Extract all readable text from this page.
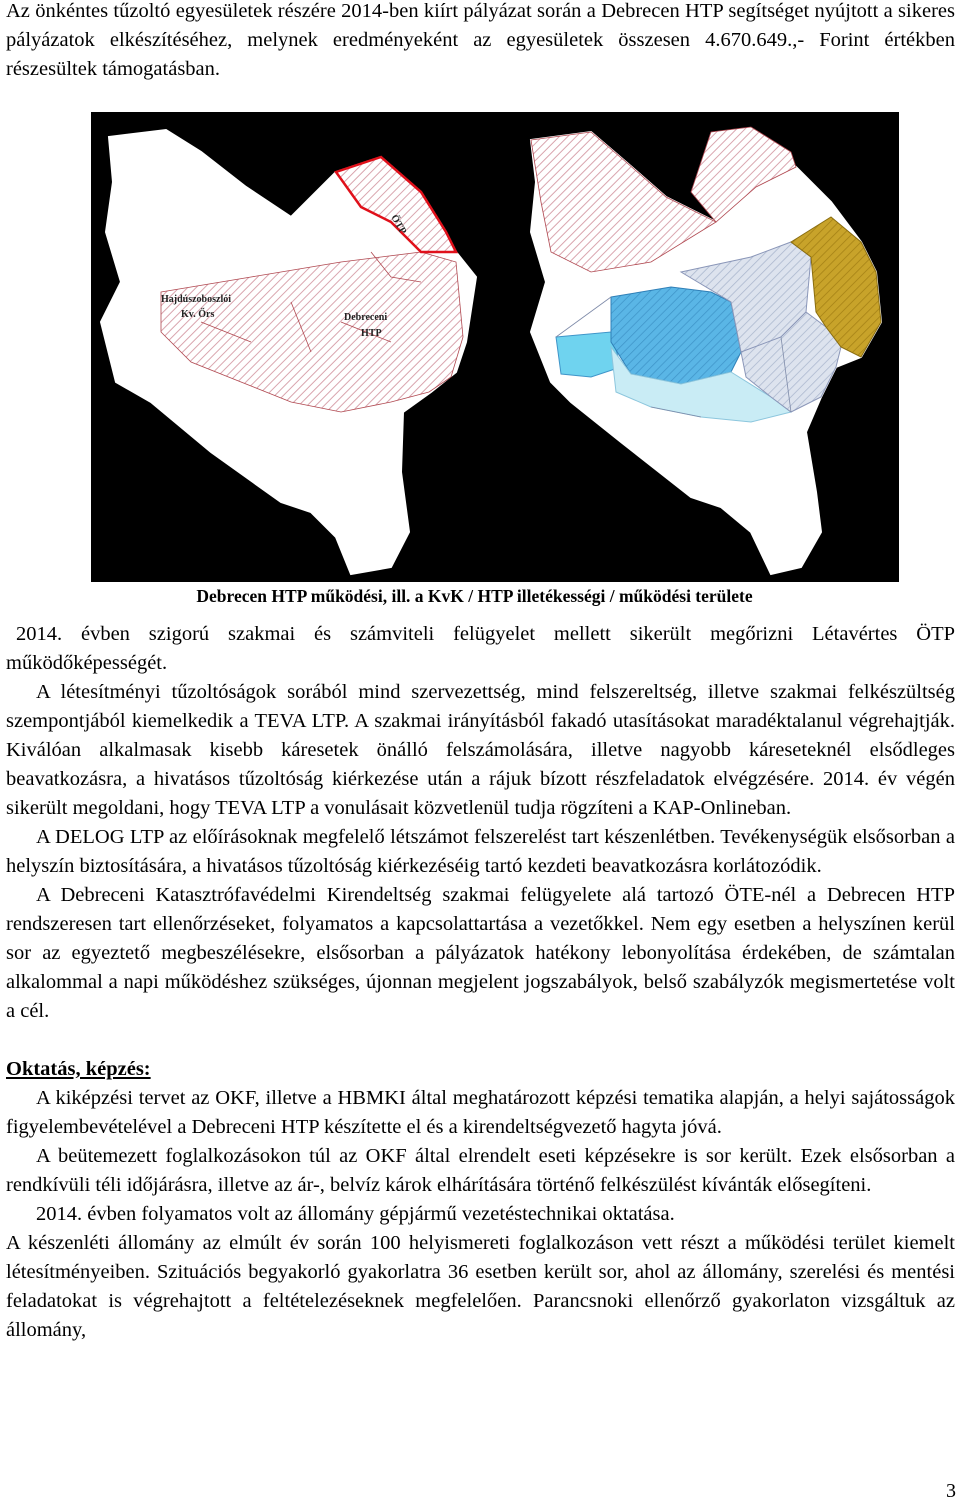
Az önkéntes tűzoltó egyesületek részére 2014-ben kiírt pályázat során a Debrecen HTP segítséget nyújtott a sikeres pályázatok elkészítéséhez, melynek eredményeként az egyesületek összesen 4.670.649.,- Forint értékben részesültek támogatásban.

Hajdúszoboszlói
Kv. Őrs	Debreceni
HTP
ÖTP
Debrecen HTP működési, ill. a KvK / HTP illetékességi / működési területe

2014. évben szigorú szakmai és számviteli felügyelet mellett sikerült megőrizni Létavértes ÖTP működőképességét.

A létesítményi tűzoltóságok sorából mind szervezettség, mind felszereltség, illetve szakmai felkészültség szempontjából kiemelkedik a TEVA LTP. A szakmai irányításból fakadó utasításokat maradéktalanul végrehajtják. Kiválóan alkalmasak kisebb káresetek önálló felszámolására, illetve nagyobb káreseteknél elsődleges beavatkozásra, a hivatásos tűzoltóság kiérkezése után a rájuk bízott részfeladatok elvégzésére. 2014. év végén sikerült megoldani, hogy TEVA LTP a vonulásait közvetlenül tudja rögzíteni a KAP-Onlineban.

A DELOG LTP az előírásoknak megfelelő létszámot felszerelést tart készenlétben. Tevékenységük elsősorban a helyszín biztosítására, a hivatásos tűzoltóság kiérkezéséig tartó kezdeti beavatkozásra korlátozódik.

A Debreceni Katasztrófavédelmi Kirendeltség szakmai felügyelete alá tartozó ÖTE-nél a Debrecen HTP rendszeresen tart ellenőrzéseket, folyamatos a kapcsolattartása a vezetőkkel. Nem egy esetben a helyszínen kerül sor az egyeztető megbeszélésekre, elsősorban a pályázatok hatékony lebonyolítása érdekében, de számtalan alkalommal a napi működéshez szükséges, újonnan megjelent jogszabályok, belső szabályzók megismertetése volt a cél.

Oktatás, képzés:

A kiképzési tervet az OKF, illetve a HBMKI által meghatározott képzési tematika alapján, a helyi sajátosságok figyelembevételével a Debreceni HTP készítette el és a kirendeltségvezető hagyta jóvá.

A beütemezett foglalkozásokon túl az OKF által elrendelt eseti képzésekre is sor került. Ezek elsősorban a rendkívüli téli időjárásra, illetve az ár-, belvíz károk elhárítására történő felkészülést kívánták elősegíteni.

2014. évben folyamatos volt az állomány gépjármű vezetéstechnikai oktatása.

A készenléti állomány az elmúlt év során 100 helyismereti foglalkozáson vett részt a működési terület kiemelt létesítményeiben. Szituációs begyakorló gyakorlatra 36 esetben került sor, ahol az állomány, szerelési és mentési feladatokat is végrehajtott a feltételezéseknek megfelelően. Parancsnoki ellenőrző gyakorlaton vizsgáltuk az állomány,

3
